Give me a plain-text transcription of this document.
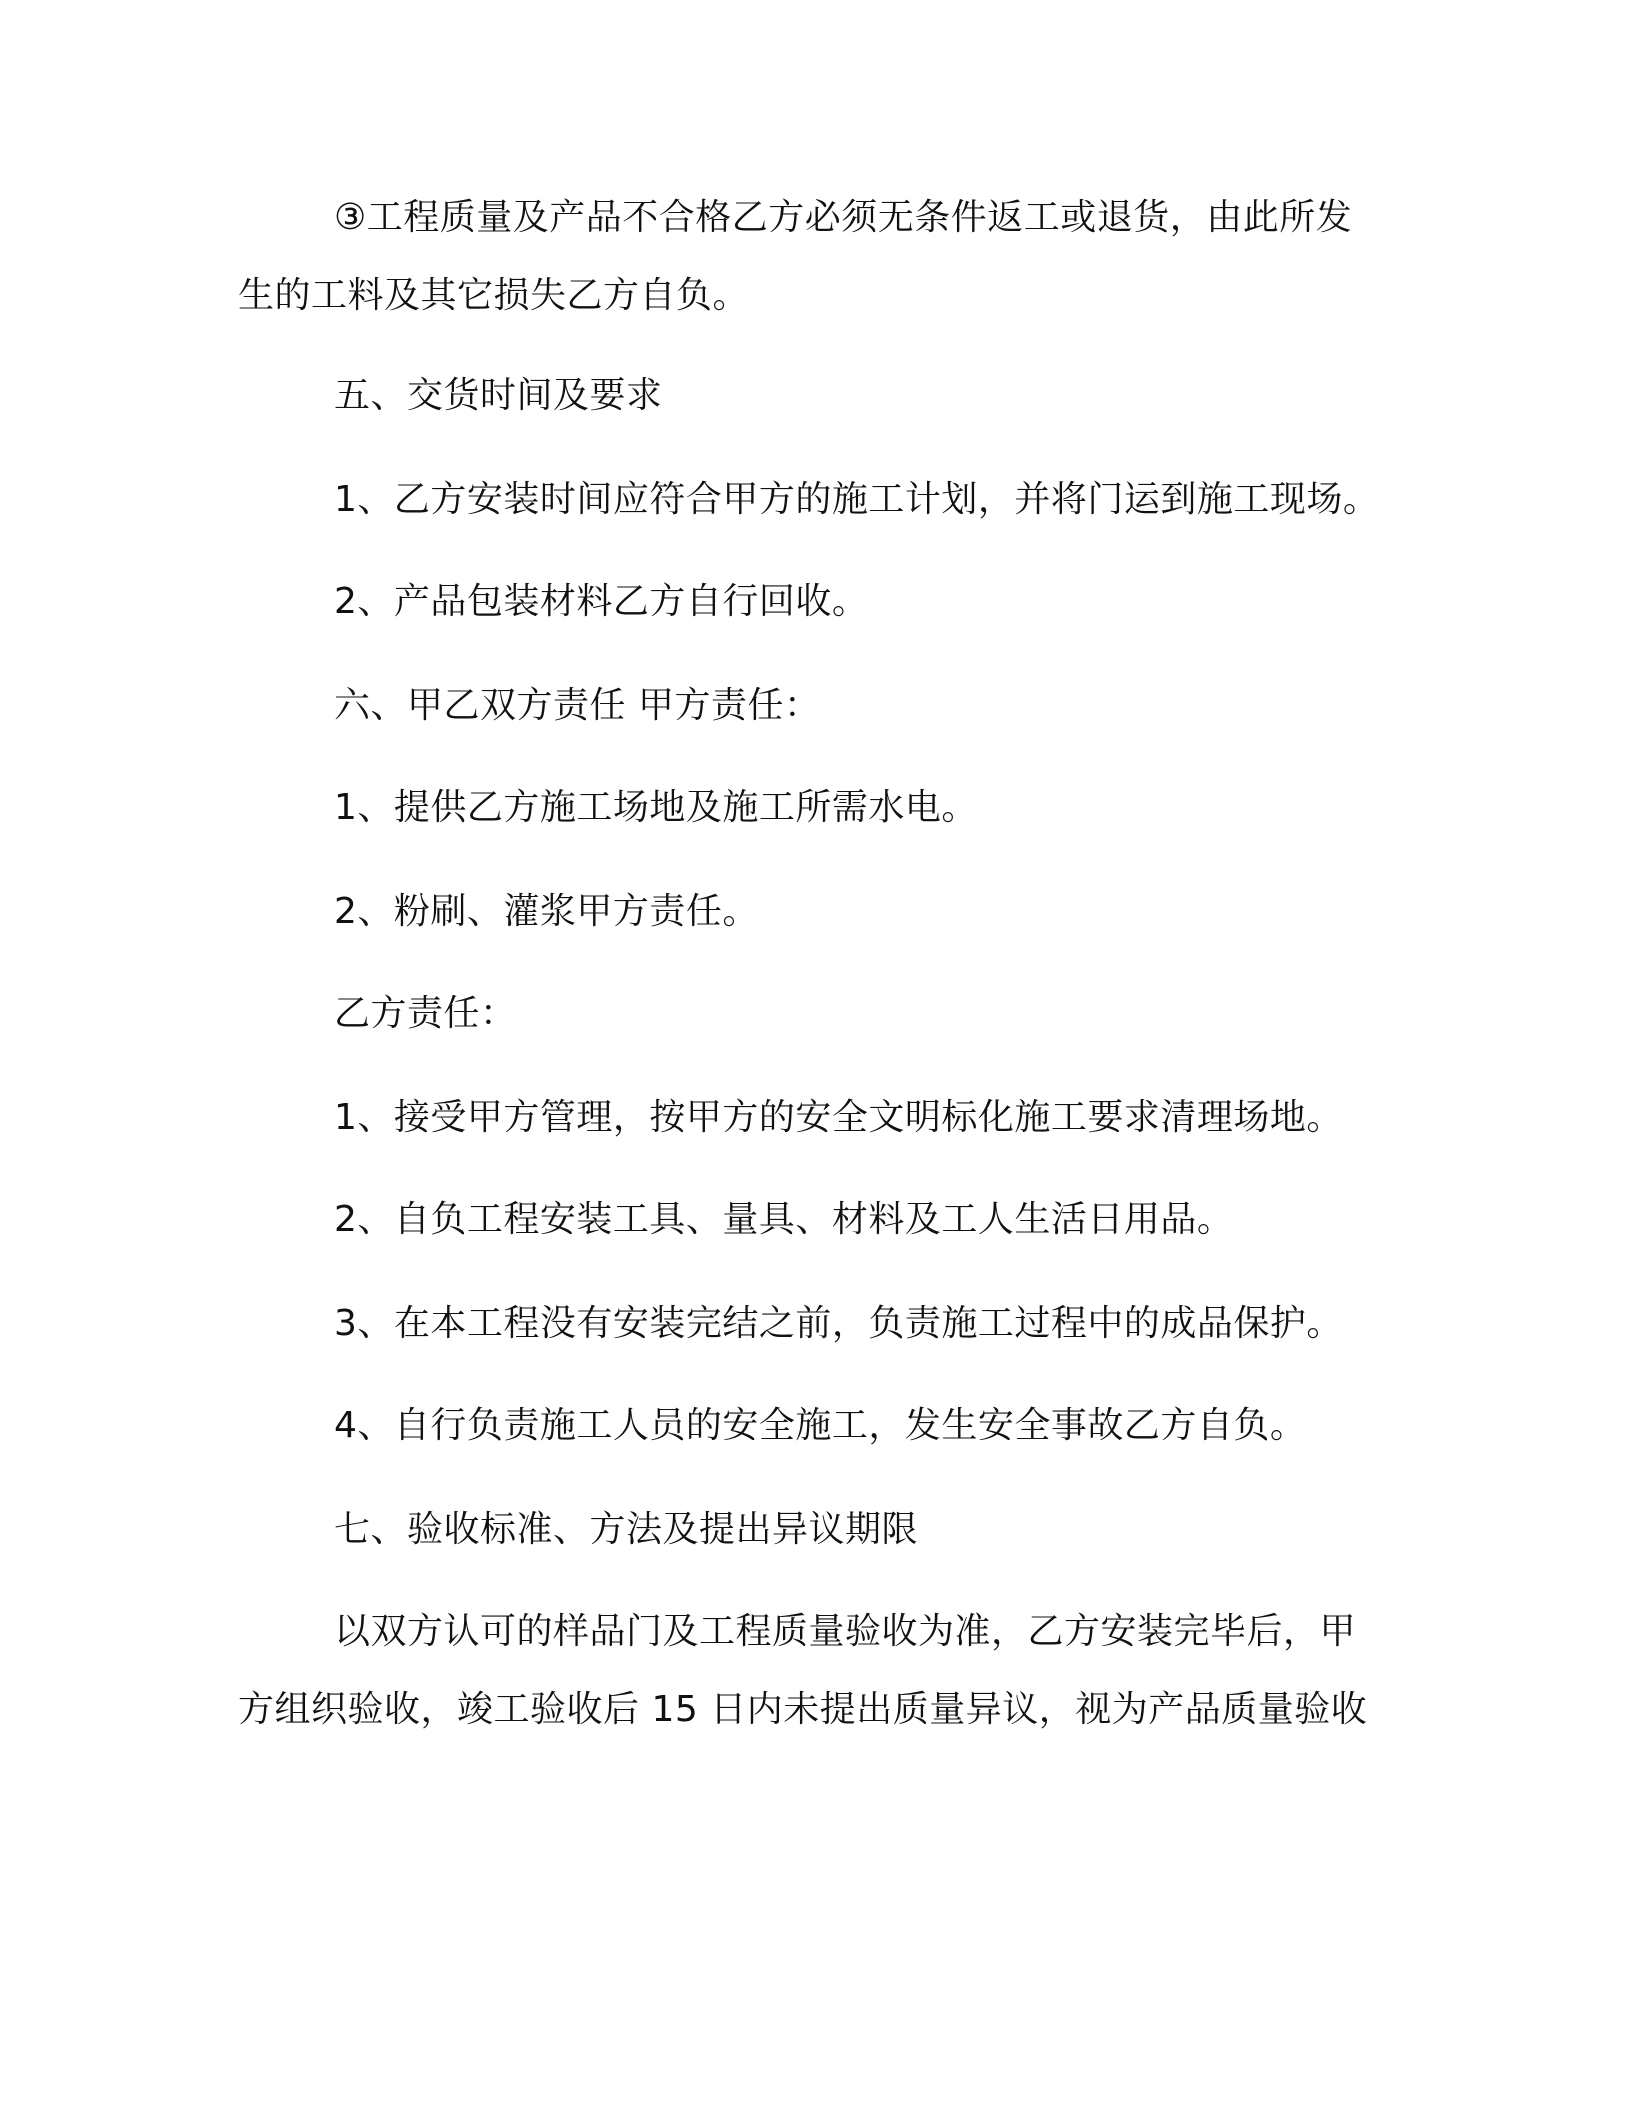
③工程质量及产品不合格乙方必须无条件返工或退货，由此所发
生的工料及其它损失乙方自负。
五、交货时间及要求
1、乙方安装时间应符合甲方的施工计划，并将门运到施工现场。
2、产品包装材料乙方自行回收。
六、甲乙双方责任 甲方责任：
1、提供乙方施工场地及施工所需水电。
2、粉刷、灌浆甲方责任。
乙方责任：
1、接受甲方管理，按甲方的安全文明标化施工要求清理场地。
2、自负工程安装工具、量具、材料及工人生活日用品。
3、在本工程没有安装完结之前，负责施工过程中的成品保护。
4、自行负责施工人员的安全施工，发生安全事故乙方自负。
七、验收标准、方法及提出异议期限
以双方认可的样品门及工程质量验收为准，乙方安装完毕后，甲
方组织验收，竣工验收后 15 日内未提出质量异议，视为产品质量验收
